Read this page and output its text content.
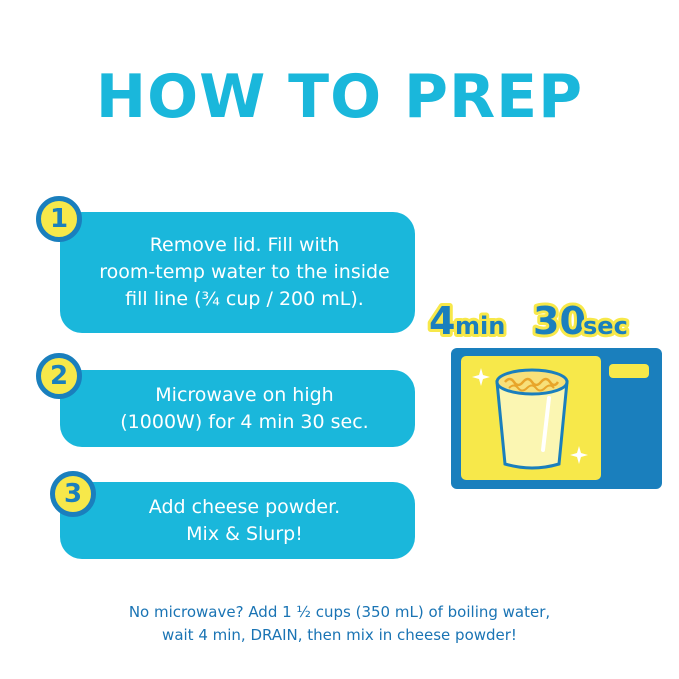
HOW TO PREP
Remove lid. Fill with
room-temp water to the inside
fill line (¾ cup / 200 mL).
1
Microwave on high
(1000W) for 4 min 30 sec.
2
Add cheese powder.
Mix & Slurp!
3
4 min 30
sec
No microwave? Add 1 ½ cups (350 mL) of boiling water,
wait 4 min, DRAIN, then mix in cheese powder!
